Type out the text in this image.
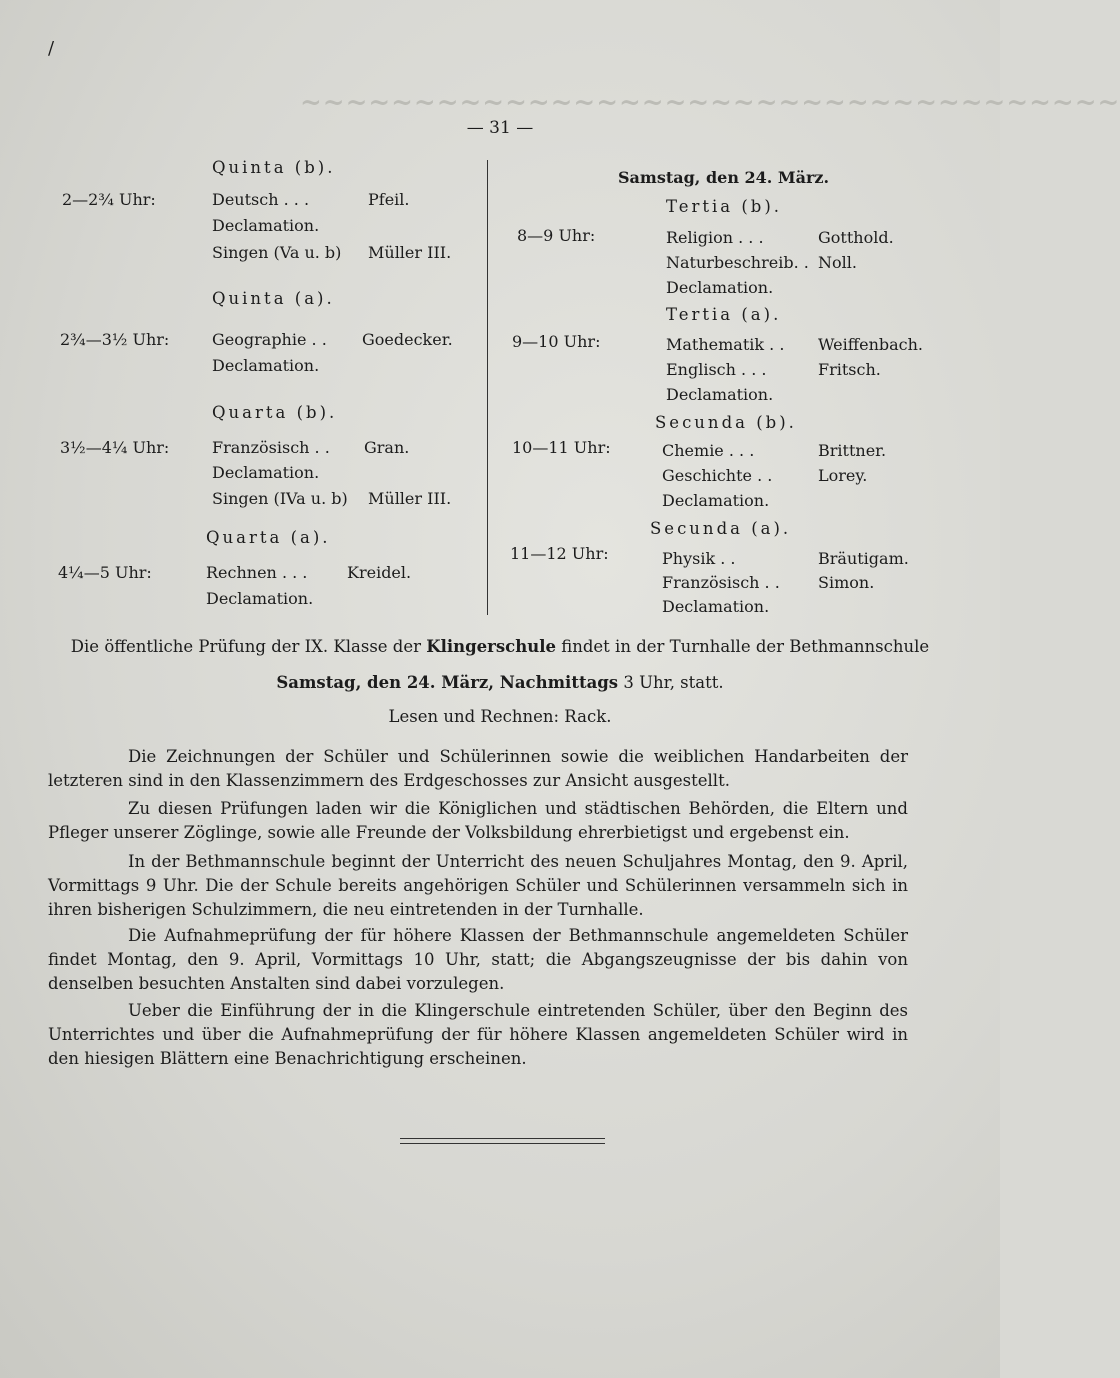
~~~~~~~~~~~~~~~~~~~~~~~~~~~~~~~~~~~~
/
— 31 —
Quinta (b).
2—2¾ Uhr:	Deutsch . . .	Pfeil.
Declamation.
Singen (Va u. b) Müller III.
Quinta (a).
2¾—3½ Uhr:	Geographie . . Goedecker.
Declamation.
Quarta (b).
3½—4¼ Uhr:	Französisch . . Gran.
Declamation.
Singen (IVa u. b) Müller III.
Quarta (a).
4¼—5 Uhr:	Rechnen . . . Kreidel.
Declamation.
Samstag, den 24. März.
Tertia (b).
8—9 Uhr:	Religion . . .	Gotthold.
Naturbeschreib. . Noll.
Declamation.
Tertia (a).
9—10 Uhr:	Mathematik . . Weiffenbach.
Englisch . . .	Fritsch.
Declamation.
Secunda (b).
10—11 Uhr:	Chemie . . .	Brittner.
Geschichte . .	Lorey.
Declamation.
Secunda (a).
11—12 Uhr:	Physik . .	Bräutigam.
Französisch . . Simon.
Declamation.
Die öffentliche Prüfung der IX. Klasse der Klingerschule findet in der Turnhalle der Bethmannschule
Samstag, den 24. März, Nachmittags 3 Uhr, statt.
Lesen und Rechnen: Rack.
Die Zeichnungen der Schüler und Schülerinnen sowie die weiblichen Handarbeiten der letzteren sind in den Klassenzimmern des Erdgeschosses zur Ansicht ausgestellt.
Zu diesen Prüfungen laden wir die Königlichen und städtischen Behörden, die Eltern und Pfleger unserer Zöglinge, sowie alle Freunde der Volksbildung ehrerbietigst und ergebenst ein.
In der Bethmannschule beginnt der Unterricht des neuen Schuljahres Montag, den 9. April, Vormittags 9 Uhr. Die der Schule bereits angehörigen Schüler und Schülerinnen versammeln sich in ihren bisherigen Schulzimmern, die neu eintretenden in der Turnhalle.
Die Aufnahmeprüfung der für höhere Klassen der Bethmannschule angemeldeten Schüler findet Montag, den 9. April, Vormittags 10 Uhr, statt; die Abgangszeugnisse der bis dahin von denselben besuchten Anstalten sind dabei vorzulegen.
Ueber die Einführung der in die Klingerschule eintretenden Schüler, über den Beginn des Unterrichtes und über die Aufnahmeprüfung der für höhere Klassen angemeldeten Schüler wird in den hiesigen Blättern eine Benachrichtigung erscheinen.
